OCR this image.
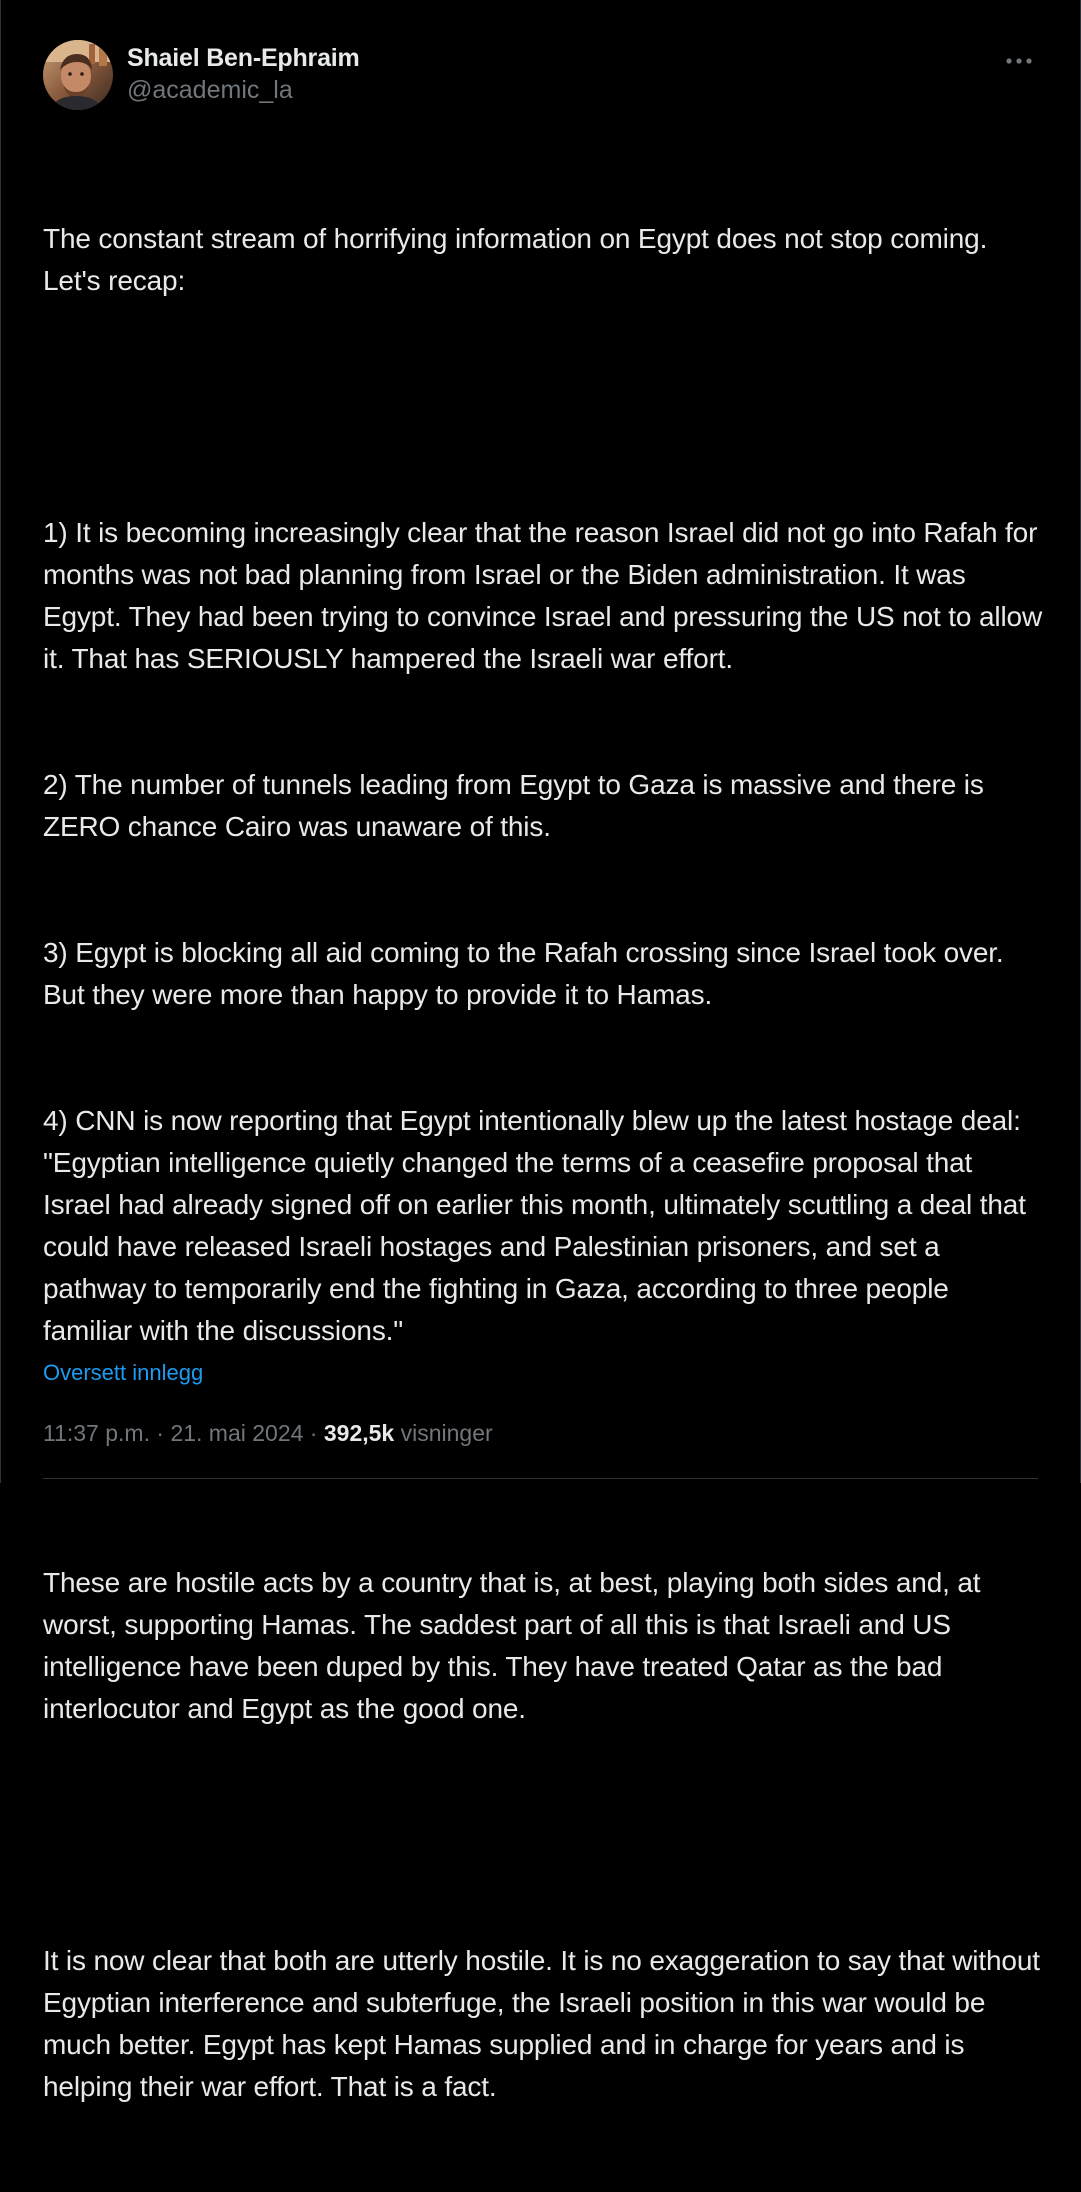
Shaiel Ben-Ephraim
@academic_la

The constant stream of horrifying information on Egypt does not stop coming. Let's recap:

1) It is becoming increasingly clear that the reason Israel did not go into Rafah for months was not bad planning from Israel or the Biden administration. It was Egypt. They had been trying to convince Israel and pressuring the US not to allow it. That has SERIOUSLY hampered the Israeli war effort.

2) The number of tunnels leading from Egypt to Gaza is massive and there is ZERO chance Cairo was unaware of this.

3) Egypt is blocking all aid coming to the Rafah crossing since Israel took over. But they were more than happy to provide it to Hamas.

4) CNN is now reporting that Egypt intentionally blew up the latest hostage deal: "Egyptian intelligence quietly changed the terms of a ceasefire proposal that Israel had already signed off on earlier this month, ultimately scuttling a deal that could have released Israeli hostages and Palestinian prisoners, and set a pathway to temporarily end the fighting in Gaza, according to three people familiar with the discussions."

These are hostile acts by a country that is, at best, playing both sides and, at worst, supporting Hamas. The saddest part of all this is that Israeli and US intelligence have been duped by this. They have treated Qatar as the bad interlocutor and Egypt as the good one.

It is now clear that both are utterly hostile. It is no exaggeration to say that without Egyptian interference and subterfuge, the Israeli position in this war would be much better. Egypt has kept Hamas supplied and in charge for years and is helping their war effort. That is a fact.

Oversett innlegg
11:37 p.m. · 21. mai 2024 · 392,5k visninger
